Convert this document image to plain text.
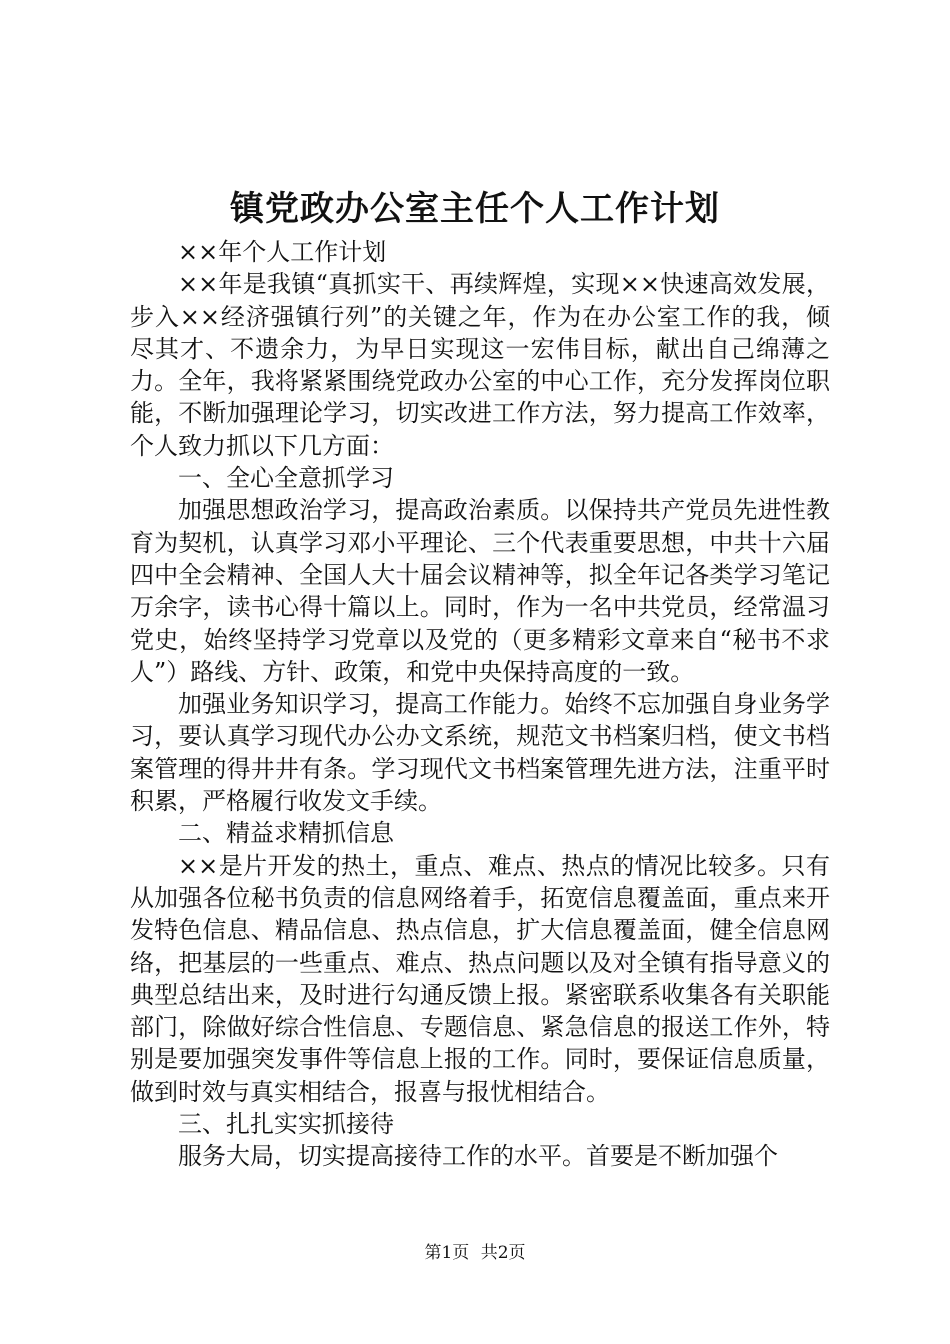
镇党政办公室主任个人工作计划

××年个人工作计划

××年是我镇“真抓实干、再续辉煌，实现××快速高效发展，步入××经济强镇行列”的关键之年，作为在办公室工作的我，倾尽其才、不遗余力，为早日实现这一宏伟目标，献出自己绵薄之力。全年，我将紧紧围绕党政办公室的中心工作，充分发挥岗位职能，不断加强理论学习，切实改进工作方法，努力提高工作效率，个人致力抓以下几方面：

一、全心全意抓学习

加强思想政治学习，提高政治素质。以保持共产党员先进性教育为契机，认真学习邓小平理论、三个代表重要思想，中共十六届四中全会精神、全国人大十届会议精神等，拟全年记各类学习笔记万余字，读书心得十篇以上。同时，作为一名中共党员，经常温习党史，始终坚持学习党章以及党的（更多精彩文章来自“秘书不求人”）路线、方针、政策，和党中央保持高度的一致。

加强业务知识学习，提高工作能力。始终不忘加强自身业务学习，要认真学习现代办公办文系统，规范文书档案归档，使文书档案管理的得井井有条。学习现代文书档案管理先进方法，注重平时积累，严格履行收发文手续。

二、精益求精抓信息

××是片开发的热土，重点、难点、热点的情况比较多。只有从加强各位秘书负责的信息网络着手，拓宽信息覆盖面，重点来开发特色信息、精品信息、热点信息，扩大信息覆盖面，健全信息网络，把基层的一些重点、难点、热点问题以及对全镇有指导意义的典型总结出来，及时进行勾通反馈上报。紧密联系收集各有关职能部门，除做好综合性信息、专题信息、紧急信息的报送工作外，特别是要加强突发事件等信息上报的工作。同时，要保证信息质量，做到时效与真实相结合，报喜与报忧相结合。

三、扎扎实实抓接待

服务大局，切实提高接待工作的水平。首要是不断加强个

第1页 共2页
